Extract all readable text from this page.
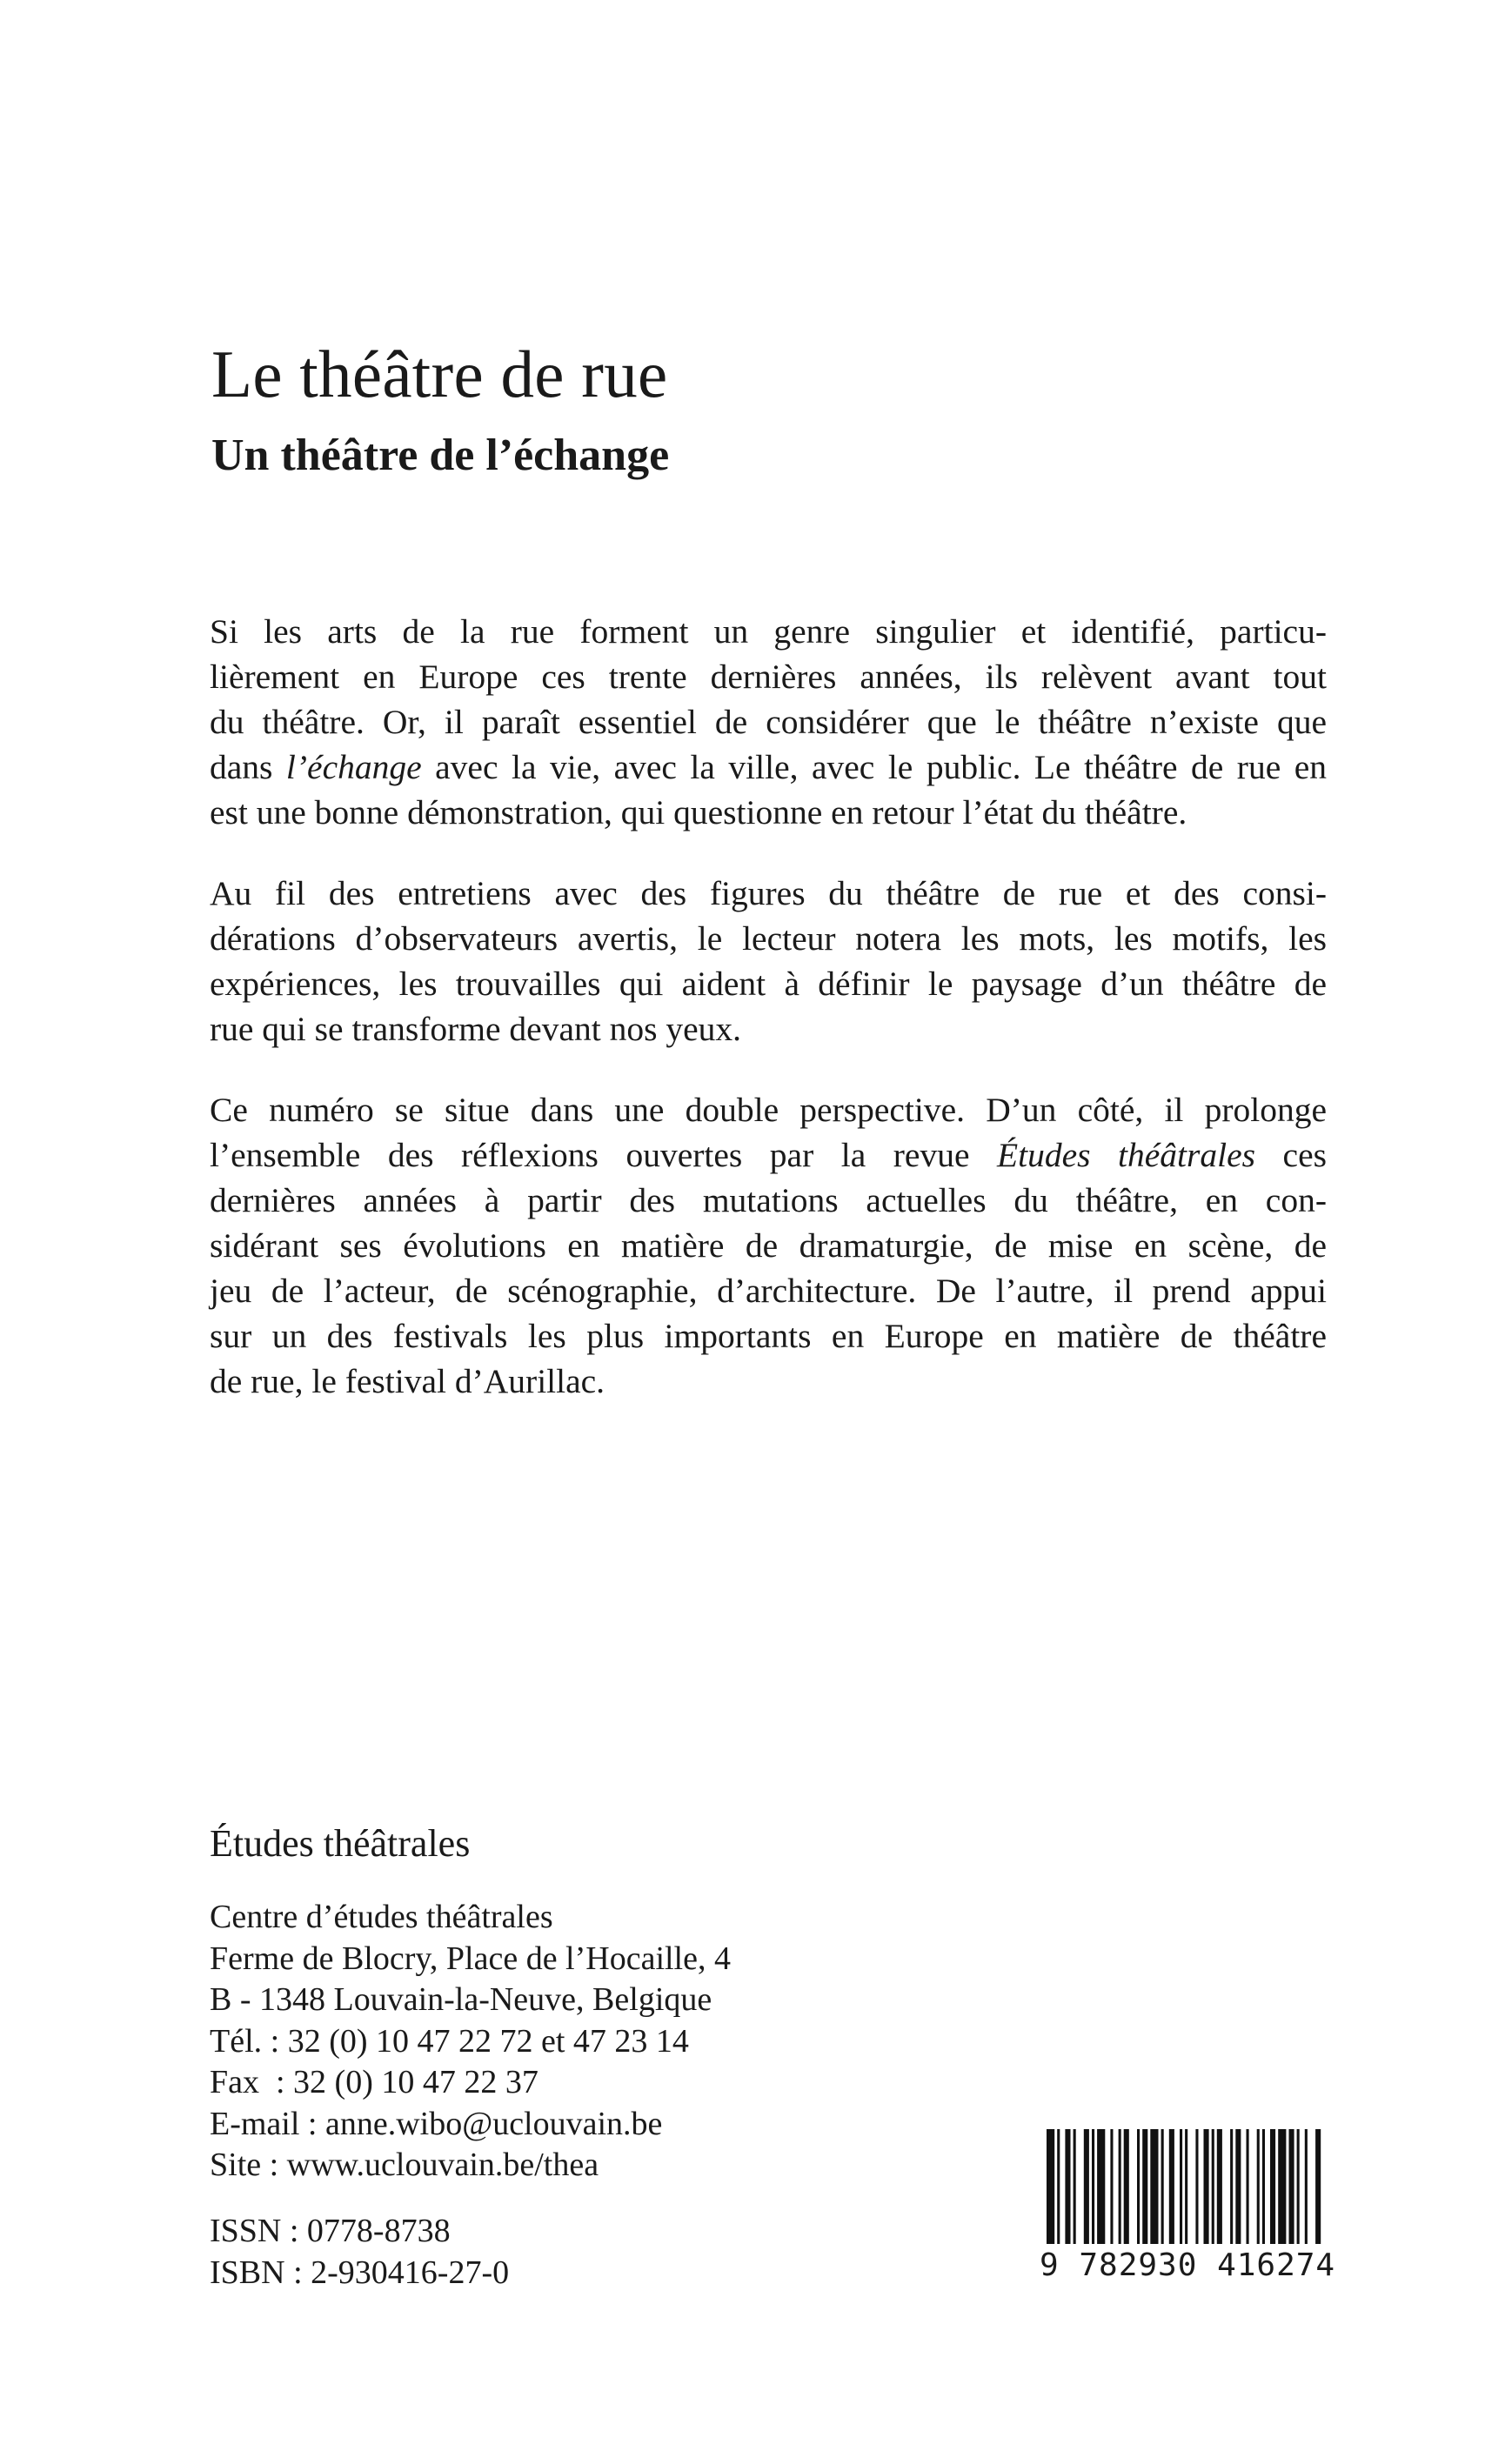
Le théâtre de rue
Un théâtre de l’échange

Si les arts de la rue forment un genre singulier et identifié, particu-
lièrement en Europe ces trente dernières années, ils relèvent avant tout
du théâtre. Or, il paraît essentiel de considérer que le théâtre n’existe que
dans l’échange avec la vie, avec la ville, avec le public. Le théâtre de rue en
est une bonne démonstration, qui questionne en retour l’état du théâtre.

Au fil des entretiens avec des figures du théâtre de rue et des consi-
dérations d’observateurs avertis, le lecteur notera les mots, les motifs, les
expériences, les trouvailles qui aident à définir le paysage d’un théâtre de
rue qui se transforme devant nos yeux.

Ce numéro se situe dans une double perspective. D’un côté, il prolonge
l’ensemble des réflexions ouvertes par la revue Études théâtrales ces
dernières années à partir des mutations actuelles du théâtre, en con-
sidérant ses évolutions en matière de dramaturgie, de mise en scène, de
jeu de l’acteur, de scénographie, d’architecture. De l’autre, il prend appui
sur un des festivals les plus importants en Europe en matière de théâtre
de rue, le festival d’Aurillac.

Études théâtrales
Centre d’études théâtrales
Ferme de Blocry, Place de l’Hocaille, 4
B - 1348 Louvain-la-Neuve, Belgique
Tél. : 32 (0) 10 47 22 72 et 47 23 14
Fax  : 32 (0) 10 47 22 37
E-mail : anne.wibo@uclouvain.be
Site : www.uclouvain.be/thea
ISSN : 0778-8738
ISBN : 2-930416-27-0	9 782930 416274
